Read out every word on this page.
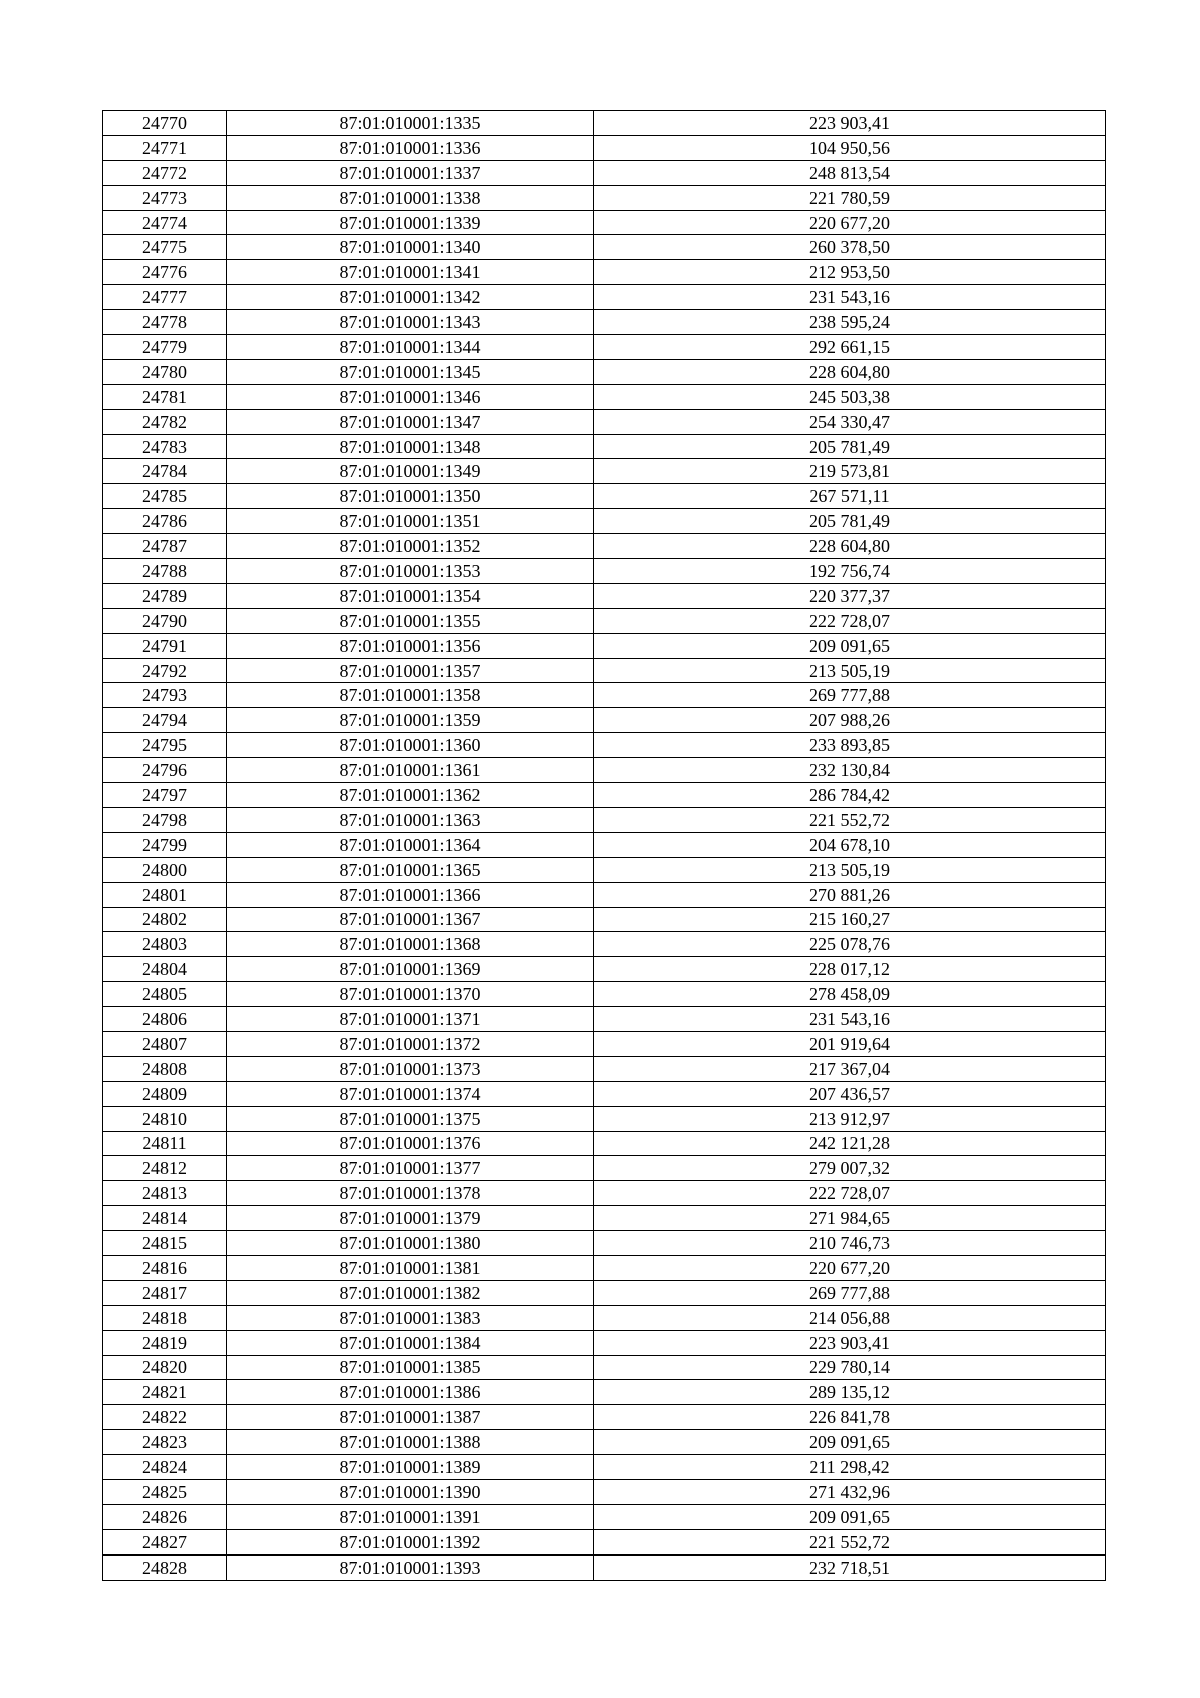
24770	87:01:010001:1335	223 903,41
24771	87:01:010001:1336	104 950,56
24772	87:01:010001:1337	248 813,54
24773	87:01:010001:1338	221 780,59
24774	87:01:010001:1339	220 677,20
24775	87:01:010001:1340	260 378,50
24776	87:01:010001:1341	212 953,50
24777	87:01:010001:1342	231 543,16
24778	87:01:010001:1343	238 595,24
24779	87:01:010001:1344	292 661,15
24780	87:01:010001:1345	228 604,80
24781	87:01:010001:1346	245 503,38
24782	87:01:010001:1347	254 330,47
24783	87:01:010001:1348	205 781,49
24784	87:01:010001:1349	219 573,81
24785	87:01:010001:1350	267 571,11
24786	87:01:010001:1351	205 781,49
24787	87:01:010001:1352	228 604,80
24788	87:01:010001:1353	192 756,74
24789	87:01:010001:1354	220 377,37
24790	87:01:010001:1355	222 728,07
24791	87:01:010001:1356	209 091,65
24792	87:01:010001:1357	213 505,19
24793	87:01:010001:1358	269 777,88
24794	87:01:010001:1359	207 988,26
24795	87:01:010001:1360	233 893,85
24796	87:01:010001:1361	232 130,84
24797	87:01:010001:1362	286 784,42
24798	87:01:010001:1363	221 552,72
24799	87:01:010001:1364	204 678,10
24800	87:01:010001:1365	213 505,19
24801	87:01:010001:1366	270 881,26
24802	87:01:010001:1367	215 160,27
24803	87:01:010001:1368	225 078,76
24804	87:01:010001:1369	228 017,12
24805	87:01:010001:1370	278 458,09
24806	87:01:010001:1371	231 543,16
24807	87:01:010001:1372	201 919,64
24808	87:01:010001:1373	217 367,04
24809	87:01:010001:1374	207 436,57
24810	87:01:010001:1375	213 912,97
24811	87:01:010001:1376	242 121,28
24812	87:01:010001:1377	279 007,32
24813	87:01:010001:1378	222 728,07
24814	87:01:010001:1379	271 984,65
24815	87:01:010001:1380	210 746,73
24816	87:01:010001:1381	220 677,20
24817	87:01:010001:1382	269 777,88
24818	87:01:010001:1383	214 056,88
24819	87:01:010001:1384	223 903,41
24820	87:01:010001:1385	229 780,14
24821	87:01:010001:1386	289 135,12
24822	87:01:010001:1387	226 841,78
24823	87:01:010001:1388	209 091,65
24824	87:01:010001:1389	211 298,42
24825	87:01:010001:1390	271 432,96
24826	87:01:010001:1391	209 091,65
24827	87:01:010001:1392	221 552,72
24828	87:01:010001:1393	232 718,51
